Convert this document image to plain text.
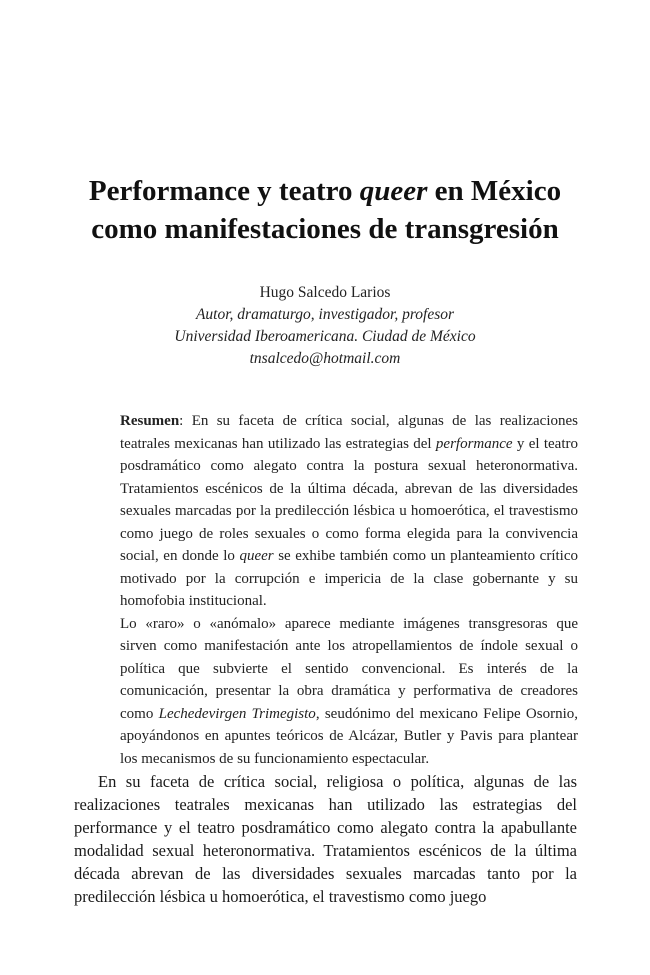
Performance y teatro queer en México
como manifestaciones de transgresión
Hugo Salcedo Larios
Autor, dramaturgo, investigador, profesor
Universidad Iberoamericana. Ciudad de México
tnsalcedo@hotmail.com

Resumen: En su faceta de crítica social, algunas de las realizaciones teatrales mexicanas han utilizado las estrategias del performance y el teatro posdramático como alegato contra la postura sexual heteronormativa. Tratamientos escénicos de la última década, abrevan de las diversidades sexuales marcadas por la predilección lésbica u homoerótica, el travestismo como juego de roles sexuales o como forma elegida para la convivencia social, en donde lo queer se exhibe también como un planteamiento crítico motivado por la corrupción e impericia de la clase gobernante y su homofobia institucional.

Lo «raro» o «anómalo» aparece mediante imágenes transgresoras que sirven como manifestación ante los atropellamientos de índole sexual o política que subvierte el sentido convencional. Es interés de la comunicación, presentar la obra dramática y performativa de creadores como Lechedevirgen Trimegisto, seudónimo del mexicano Felipe Osornio, apoyándonos en apuntes teóricos de Alcázar, Butler y Pavis para plantear los mecanismos de su funcionamiento espectacular.

En su faceta de crítica social, religiosa o política, algunas de las realizaciones teatrales mexicanas han utilizado las estrategias del performance y el teatro posdramático como alegato contra la apabullante modalidad sexual heteronormativa. Tratamientos escénicos de la última década abrevan de las diversidades sexuales marcadas tanto por la predilección lésbica u homoerótica, el travestismo como juego
